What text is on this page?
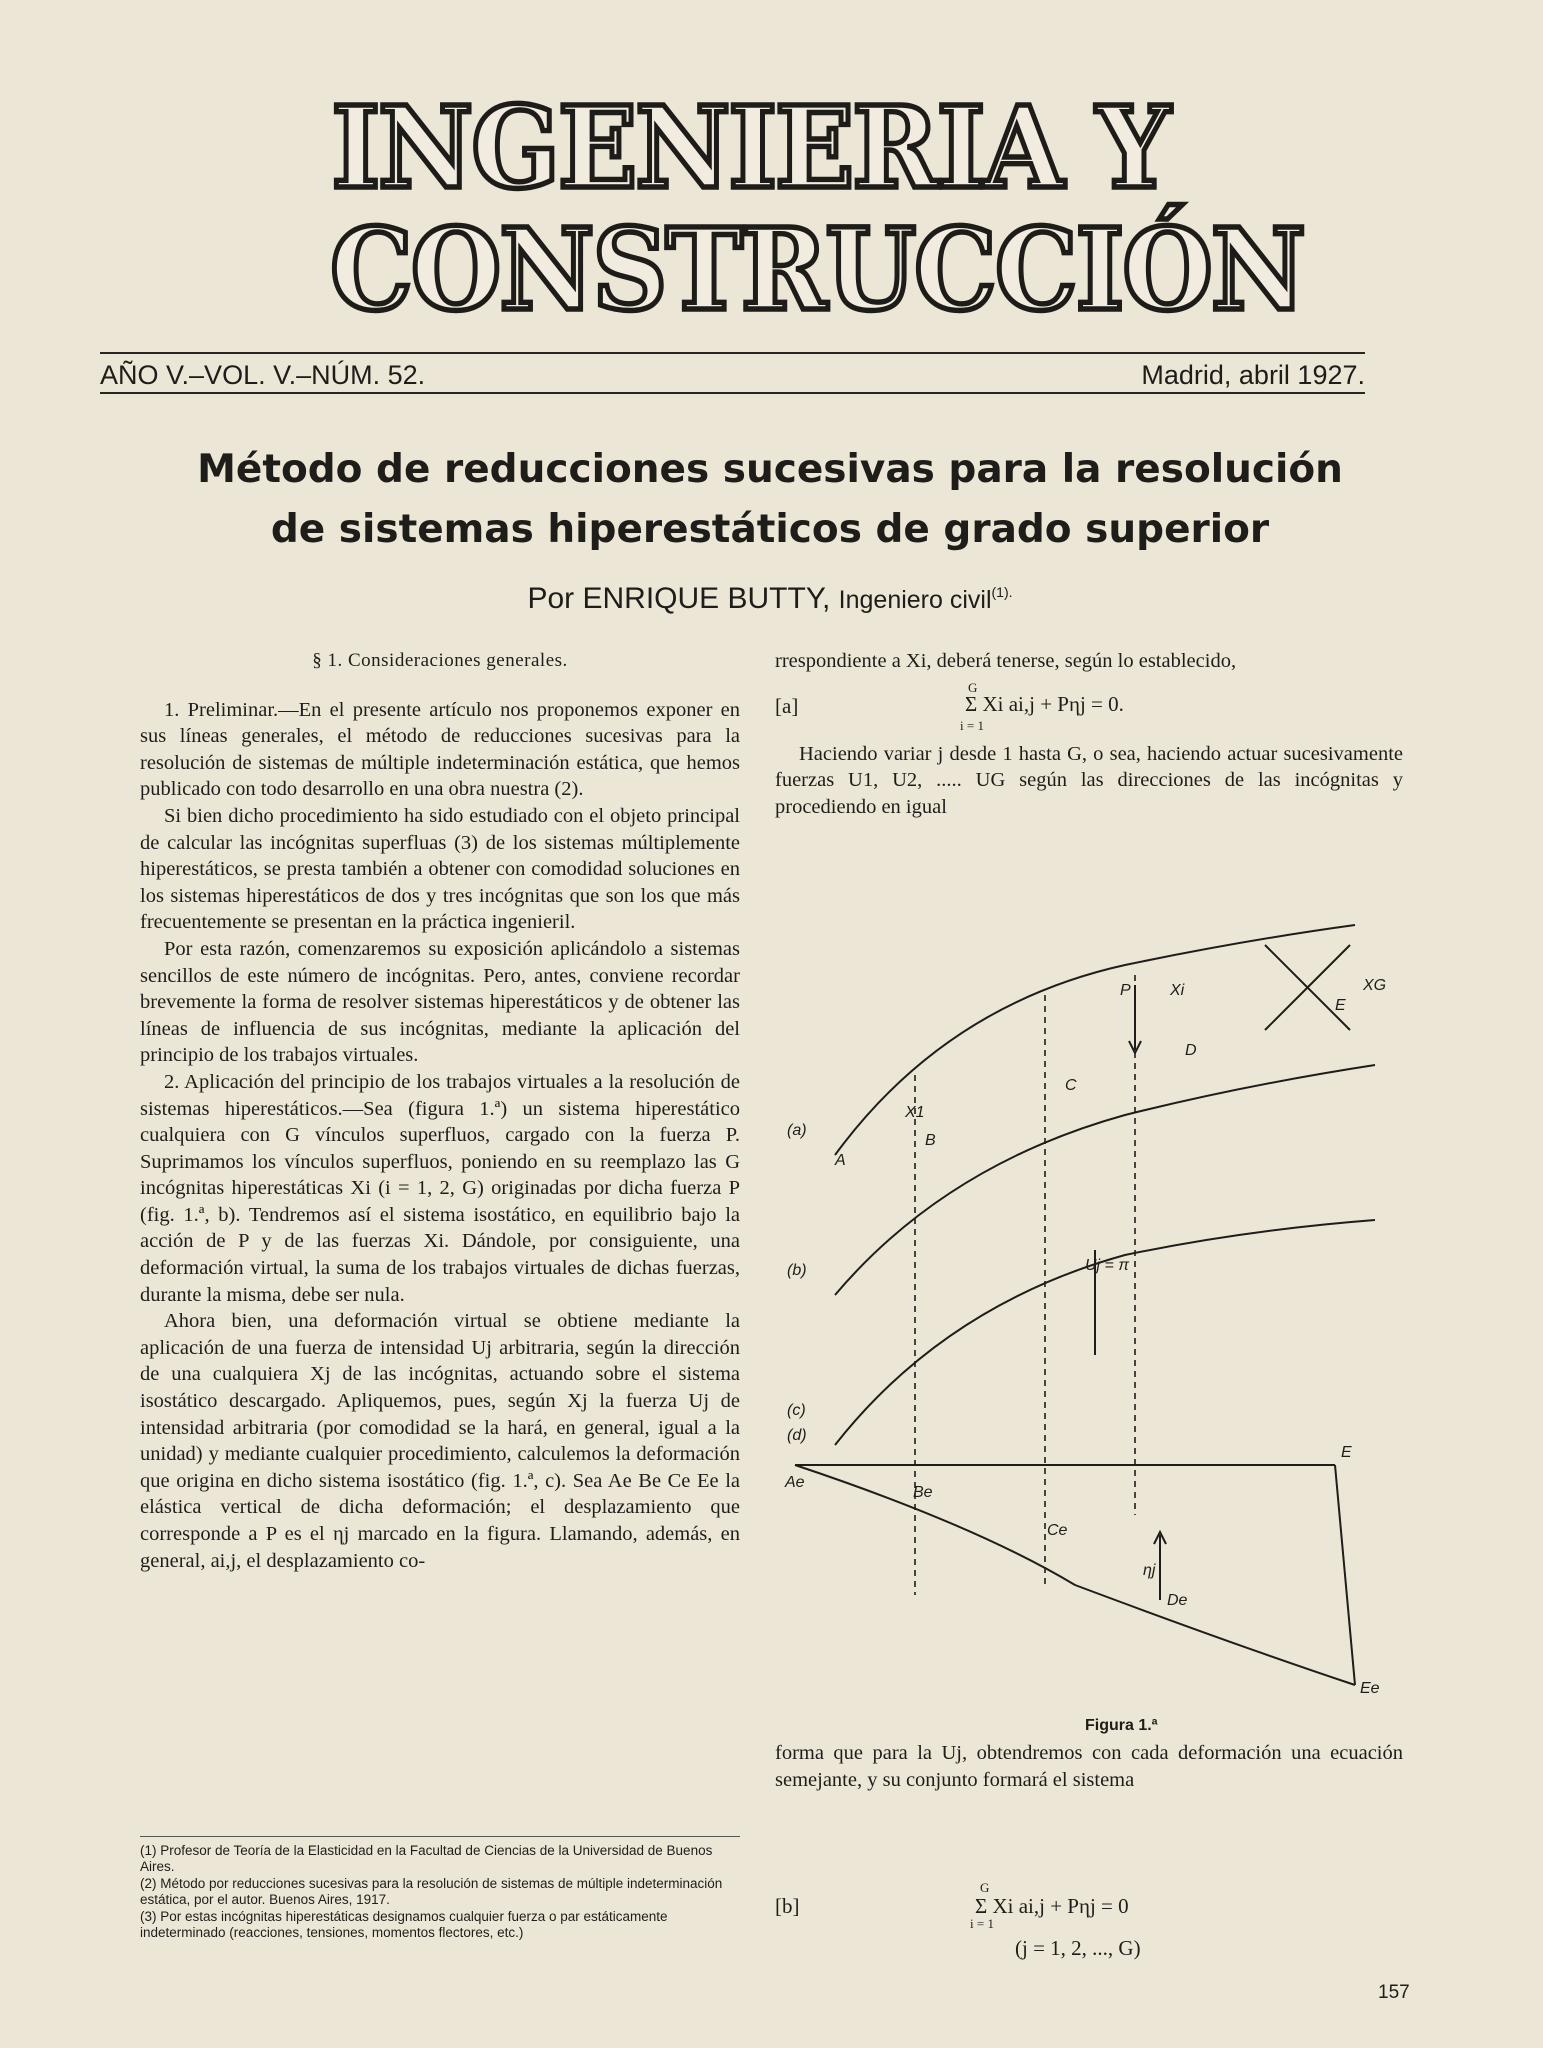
INGENIERIA Y
CONSTRUCCIÓN
AÑO V.–VOL. V.–NÚM. 52.	Madrid, abril 1927.
Método de reducciones sucesivas para la resolución
de sistemas hiperestáticos de grado superior
Por ENRIQUE BUTTY, Ingeniero civil$^{(1).}$

§ 1. Consideraciones generales.

1. Preliminar.—En el presente artículo nos proponemos exponer en sus líneas generales, el método de reducciones sucesivas para la resolución de sistemas de múltiple indeterminación estática, que hemos publicado con todo desarrollo en una obra nuestra (2).

Si bien dicho procedimiento ha sido estudiado con el objeto principal de calcular las incógnitas superfluas (3) de los sistemas múltiplemente hiperestáticos, se presta también a obtener con comodidad soluciones en los sistemas hiperestáticos de dos y tres incógnitas que son los que más frecuentemente se presentan en la práctica ingenieril.

Por esta razón, comenzaremos su exposición aplicándolo a sistemas sencillos de este número de incógnitas. Pero, antes, conviene recordar brevemente la forma de resolver sistemas hiperestáticos y de obtener las líneas de influencia de sus incógnitas, mediante la aplicación del principio de los trabajos virtuales.

2. Aplicación del principio de los trabajos virtuales a la resolución de sistemas hiperestáticos.—Sea (figura 1.ª) un sistema hiperestático cualquiera con G vínculos superfluos, cargado con la fuerza P. Suprimamos los vínculos superfluos, poniendo en su reemplazo las G incógnitas hiperestáticas Xi (i = 1, 2, G) originadas por dicha fuerza P (fig. 1.ª, b). Tendremos así el sistema isostático, en equilibrio bajo la acción de P y de las fuerzas Xi. Dándole, por consiguiente, una deformación virtual, la suma de los trabajos virtuales de dichas fuerzas, durante la misma, debe ser nula.

Ahora bien, una deformación virtual se obtiene mediante la aplicación de una fuerza de intensidad Uj arbitraria, según la dirección de una cualquiera Xj de las incógnitas, actuando sobre el sistema isostático descargado. Apliquemos, pues, según Xj la fuerza Uj de intensidad arbitraria (por comodidad se la hará, en general, igual a la unidad) y mediante cualquier procedimiento, calculemos la deformación que origina en dicho sistema isostático (fig. 1.ª, c). Sea Ae Be Ce Ee la elástica vertical de dicha deformación; el desplazamiento que corresponde a P es el ηj marcado en la figura. Llamando, además, en general, ai,j, el desplazamiento co-

(1) Profesor de Teoría de la Elasticidad en la Facultad de Ciencias de la Universidad de Buenos Aires.

(2) Método por reducciones sucesivas para la resolución de sistemas de múltiple indeterminación estática, por el autor. Buenos Aires, 1917.

(3) Por estas incógnitas hiperestáticas designamos cualquier fuerza o par estáticamente indeterminado (reacciones, tensiones, momentos flectores, etc.)

rrespondiente a Xi, deberá tenerse, según lo establecido,

[a]
G
Σ Xi ai,j + Pηj = 0.
i = 1

Haciendo variar j desde 1 hasta G, o sea, haciendo actuar sucesivamente fuerzas U1, U2, ..... UG según las direcciones de las incógnitas y procediendo en igual

(a)
(b)
(c)
(d)
A
B
C
D
E
P Xi
X1
XG
Uj = π
Ae
Be
Ce
De
E
Ee
ηj
Figura 1.ª

forma que para la Uj, obtendremos con cada deformación una ecuación semejante, y su conjunto formará el sistema

[b]
G
Σ Xi ai,j + Pηj = 0
i = 1
(j = 1, 2, ..., G)
157
